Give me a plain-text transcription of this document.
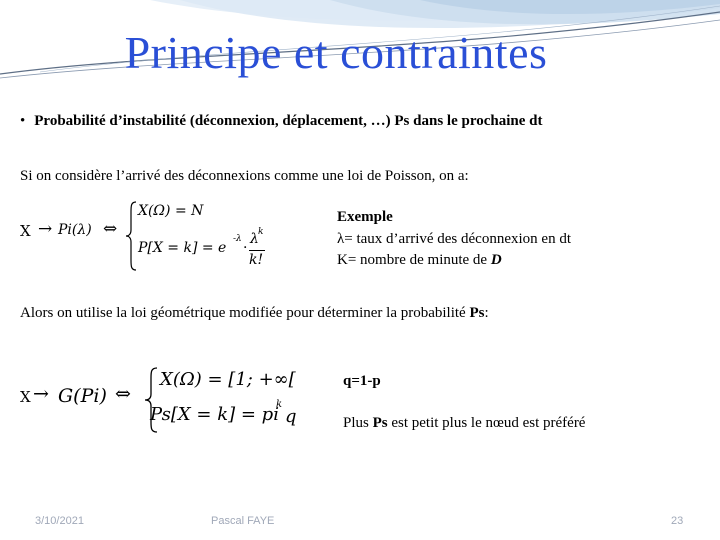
Principe et contraintes
• Probabilité d’instabilité (déconnexion, déplacement, …) Ps dans le prochaine dt
Si on considère l’arrivé des déconnexions comme une loi de Poisson, on a:
X → Pi(λ) ⇔
X(Ω) = N
P[X = k] = e
-λ
·
λ k
k!
Exemple
λ= taux d’arrivé des déconnexion en dt
K= nombre de minute de D
Alors on utilise la loi géométrique modifiée pour déterminer la probabilité Ps:
X → G(Pi) ⇔
X(Ω) = [1; +∞[
Ps[X = k] = pi
k
q
q=1-p
Plus Ps est petit plus le nœud est préféré
3/10/2021	Pascal FAYE	23
